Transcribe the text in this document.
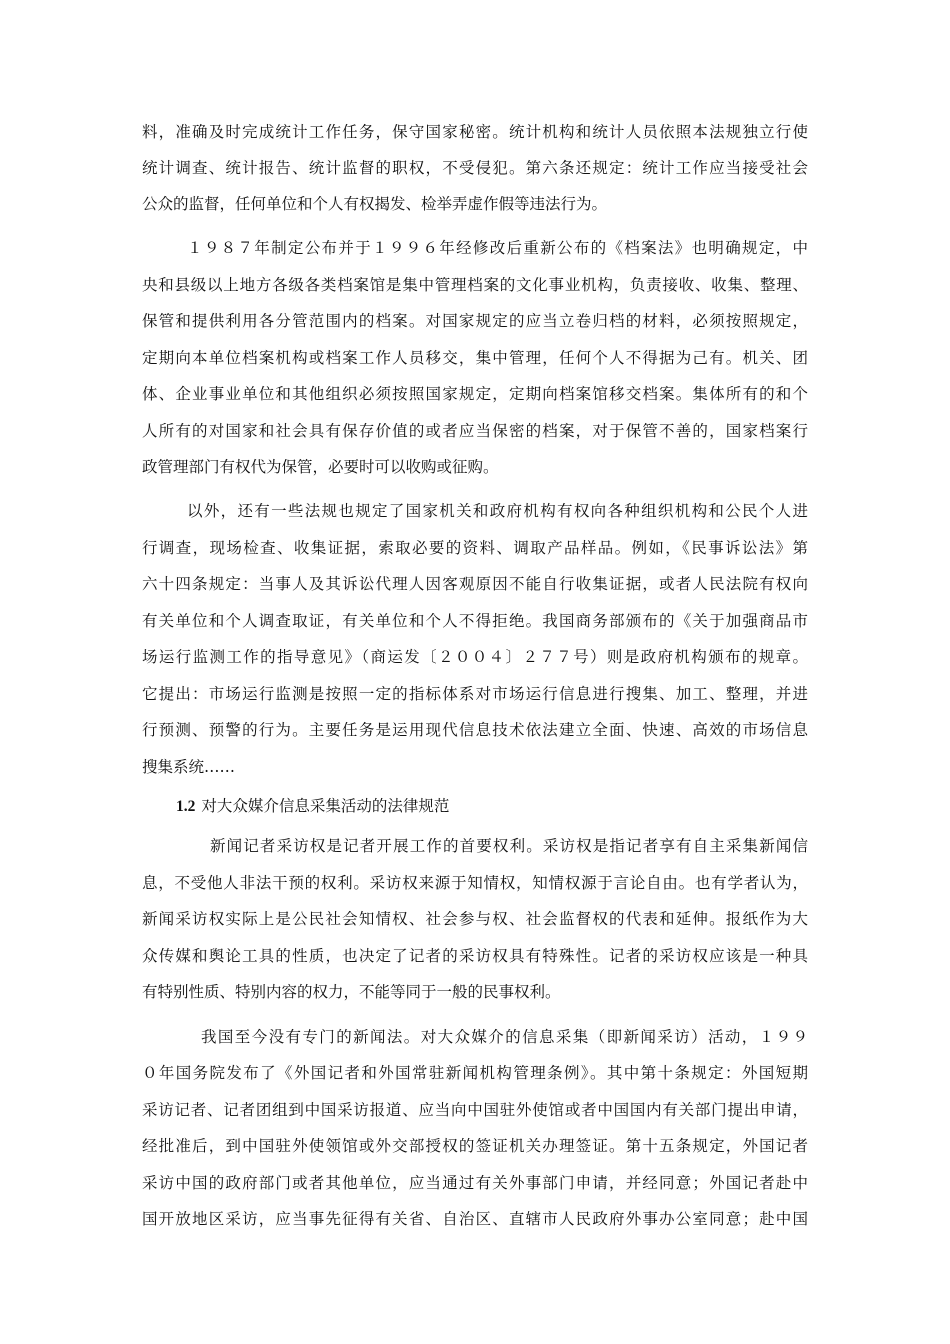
料，准确及时完成统计工作任务，保守国家秘密。统计机构和统计人员依照本法规独立行使
统计调查、统计报告、统计监督的职权，不受侵犯。第六条还规定：统计工作应当接受社会
公众的监督，任何单位和个人有权揭发、检举弄虚作假等违法行为。
１９８７年制定公布并于１９９６年经修改后重新公布的《档案法》也明确规定，中
央和县级以上地方各级各类档案馆是集中管理档案的文化事业机构，负责接收、收集、整理、
保管和提供利用各分管范围内的档案。对国家规定的应当立卷归档的材料，必须按照规定，
定期向本单位档案机构或档案工作人员移交，集中管理，任何个人不得据为己有。机关、团
体、企业事业单位和其他组织必须按照国家规定，定期向档案馆移交档案。集体所有的和个
人所有的对国家和社会具有保存价值的或者应当保密的档案，对于保管不善的，国家档案行
政管理部门有权代为保管，必要时可以收购或征购。
以外，还有一些法规也规定了国家机关和政府机构有权向各种组织机构和公民个人进
行调查，现场检查、收集证据，索取必要的资料、调取产品样品。例如，《民事诉讼法》第
六十四条规定：当事人及其诉讼代理人因客观原因不能自行收集证据，或者人民法院有权向
有关单位和个人调查取证，有关单位和个人不得拒绝。我国商务部颁布的《关于加强商品市
场运行监测工作的指导意见》（商运发〔２００４〕２７７号）则是政府机构颁布的规章。
它提出：市场运行监测是按照一定的指标体系对市场运行信息进行搜集、加工、整理，并进
行预测、预警的行为。主要任务是运用现代信息技术依法建立全面、快速、高效的市场信息
搜集系统……
1.2 对大众媒介信息采集活动的法律规范
新闻记者采访权是记者开展工作的首要权利。采访权是指记者享有自主采集新闻信
息，不受他人非法干预的权利。采访权来源于知情权，知情权源于言论自由。也有学者认为，
新闻采访权实际上是公民社会知情权、社会参与权、社会监督权的代表和延伸。报纸作为大
众传媒和舆论工具的性质，也决定了记者的采访权具有特殊性。记者的采访权应该是一种具
有特别性质、特别内容的权力，不能等同于一般的民事权利。
我国至今没有专门的新闻法。对大众媒介的信息采集（即新闻采访）活动，１９９
０年国务院发布了《外国记者和外国常驻新闻机构管理条例》。其中第十条规定：外国短期
采访记者、记者团组到中国采访报道、应当向中国驻外使馆或者中国国内有关部门提出申请，
经批准后，到中国驻外使领馆或外交部授权的签证机关办理签证。第十五条规定，外国记者
采访中国的政府部门或者其他单位，应当通过有关外事部门申请，并经同意；外国记者赴中
国开放地区采访，应当事先征得有关省、自治区、直辖市人民政府外事办公室同意；赴中国
